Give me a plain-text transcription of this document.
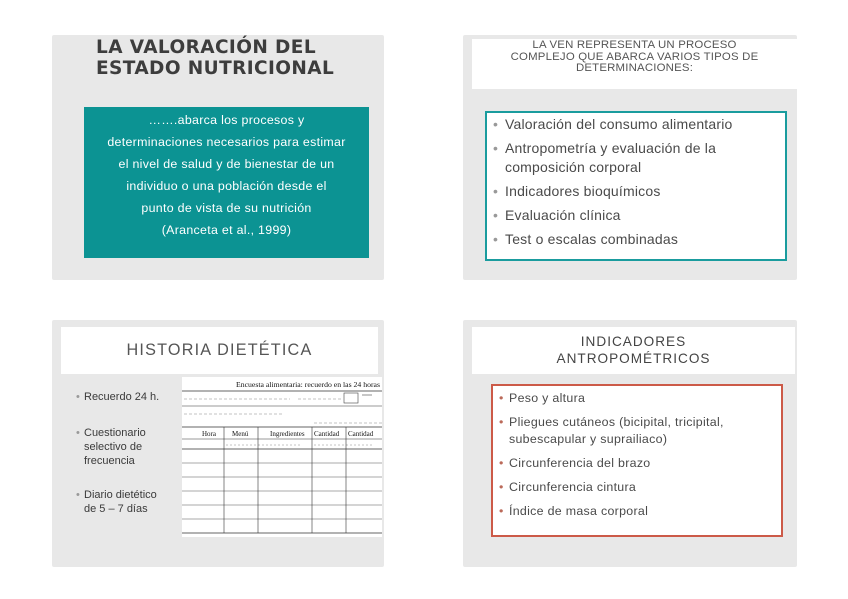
LA VALORACIÓN DEL
ESTADO NUTRICIONAL

…….abarca los procesos y
determinaciones necesarios para estimar
el nivel de salud y de bienestar de un
individuo o una población desde el
punto de vista de su nutrición
(Aranceta et al., 1999)

LA VEN REPRESENTA UN PROCESO
COMPLEJO QUE ABARCA VARIOS TIPOS DE
DETERMINACIONES:

• Valoración del consumo alimentario
• Antropometría y evaluación de la composición corporal
• Indicadores bioquímicos
• Evaluación clínica
• Test o escalas combinadas
HISTORIA DIETÉTICA
• Recuerdo 24 h.
• Cuestionario selectivo de frecuencia
• Diario dietético de 5 – 7 días
Encuesta alimentaria: recuerdo en las 24 horas
Hora Menú	Ingredientes Cantidad Cantidad

INDICADORES
ANTROPOMÉTRICOS

• Peso y altura
• Pliegues cutáneos (bicipital, tricipital, subescapular y suprailiaco)
• Circunferencia del brazo
• Circunferencia cintura
• Índice de masa corporal
